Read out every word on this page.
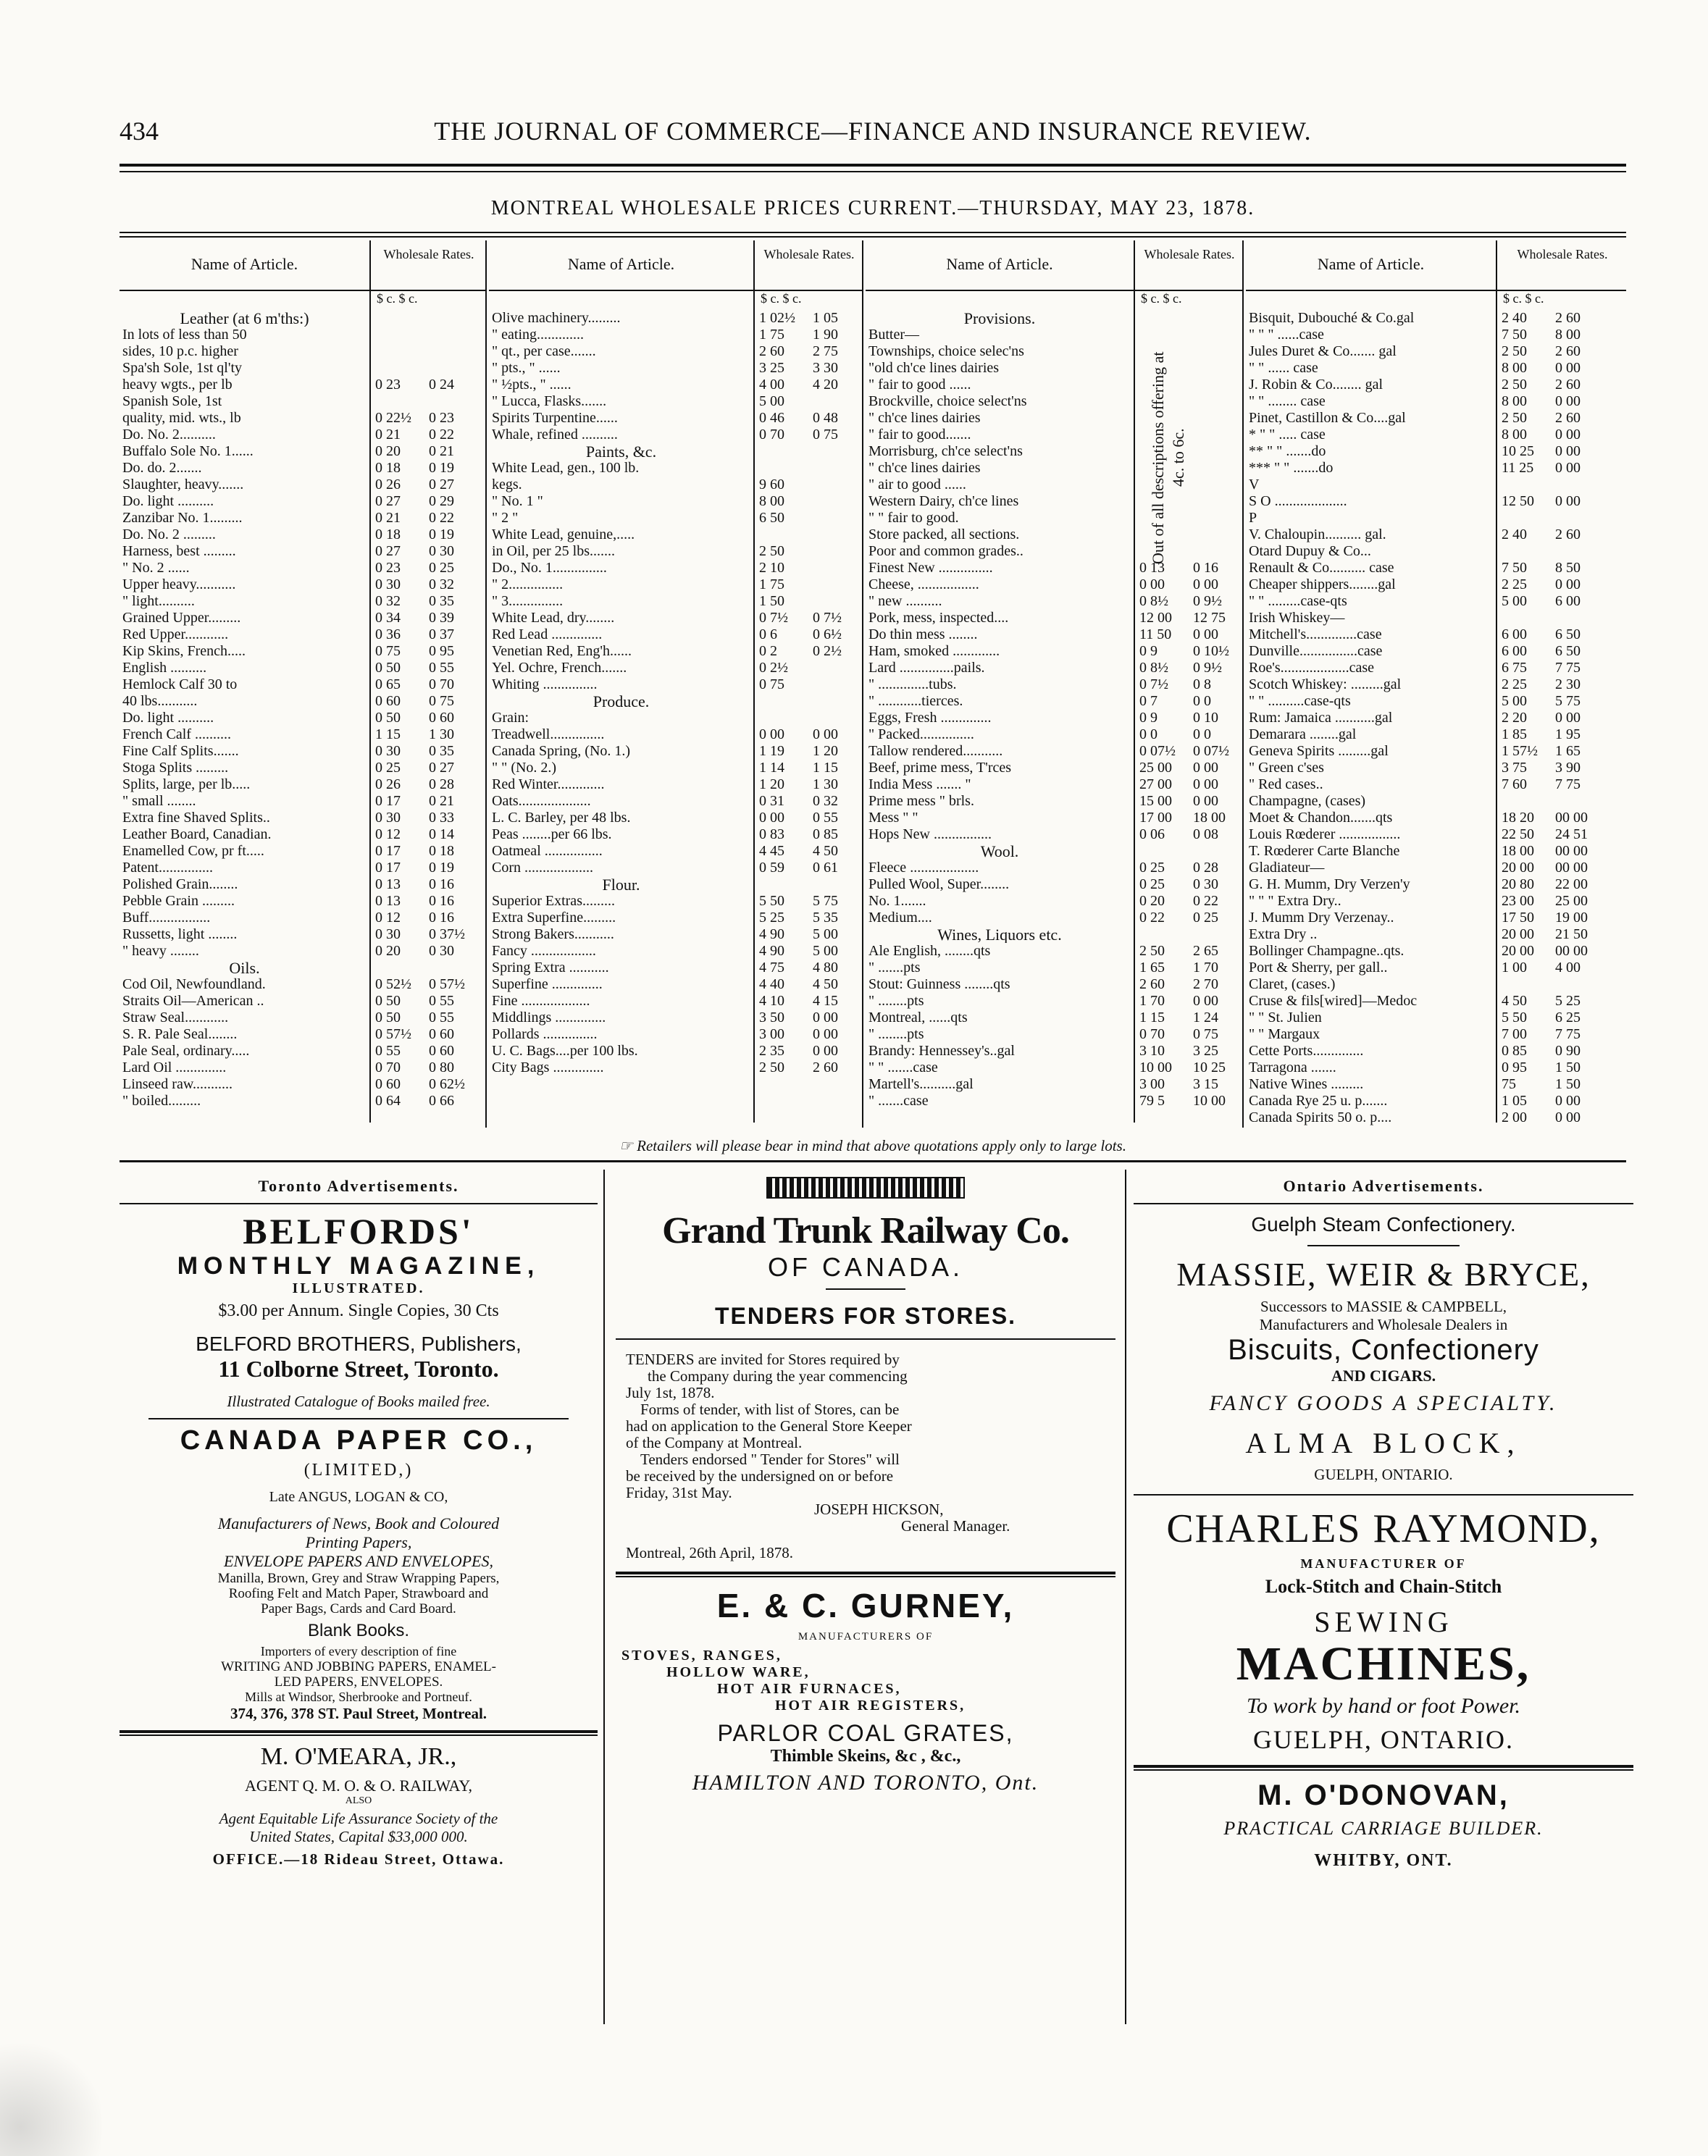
434	THE JOURNAL OF COMMERCE—FINANCE AND INSURANCE REVIEW.
MONTREAL WHOLESALE PRICES CURRENT.—THURSDAY, MAY 23, 1878.
Name of Article.
Wholesale Rates.
$ c. $ c.
Leather (at 6 m'ths:)
In lots of less than 50
sides, 10 p.c. higher
Spa'sh Sole, 1st ql'ty
heavy wgts., per lb	0 23 0 24
Spanish Sole, 1st
quality, mid. wts., lb	0 22½ 0 23
Do. No. 2..........	0 21 0 22
Buffalo Sole No. 1......	0 20 0 21
Do. do. 2.......	0 18 0 19
Slaughter, heavy.......	0 26 0 27
Do. light ..........	0 27 0 29
Zanzibar No. 1.........	0 21 0 22
Do. No. 2 .........	0 18 0 19
Harness, best .........	0 27 0 30
" No. 2 ......	0 23 0 25
Upper heavy...........	0 30 0 32
" light..........	0 32 0 35
Grained Upper.........	0 34 0 39
Red Upper............	0 36 0 37
Kip Skins, French.....	0 75 0 95
English ..........	0 50 0 55
Hemlock Calf 30 to	0 65 0 70
40 lbs...........	0 60 0 75
Do. light ..........	0 50 0 60
French Calf ..........	1 15 1 30
Fine Calf Splits.......	0 30 0 35
Stoga Splits .........	0 25 0 27
Splits, large, per lb.....	0 26 0 28
" small ........	0 17 0 21
Extra fine Shaved Splits..	0 30 0 33
Leather Board, Canadian.	0 12 0 14
Enamelled Cow, pr ft.....	0 17 0 18
Patent...............	0 17 0 19
Polished Grain........	0 13 0 16
Pebble Grain .........	0 13 0 16
Buff.................	0 12 0 16
Russetts, light ........	0 30 0 37½
" heavy ........	0 20 0 30
Oils.
Cod Oil, Newfoundland.	0 52½ 0 57½
Straits Oil—American ..	0 50 0 55
Straw Seal............	0 50 0 55
S. R. Pale Seal........	0 57½ 0 60
Pale Seal, ordinary.....	0 55 0 60
Lard Oil ..............	0 70 0 80
Linseed raw...........	0 60 0 62½
" boiled.........	0 64 0 66
Name of Article.
Wholesale Rates.
$ c. $ c.
Olive machinery.........	1 02½ 1 05
" eating.............	1 75 1 90
" qt., per case.......	2 60 2 75
" pts., " ......	3 25 3 30
" ½pts., " ......	4 00 4 20
" Lucca, Flasks.......	5 00
Spirits Turpentine......	0 46 0 48
Whale, refined ..........	0 70 0 75
Paints, &c.
White Lead, gen., 100 lb.
kegs.	9 60
" No. 1 "	8 00
" 2 "	6 50
White Lead, genuine,.....
in Oil, per 25 lbs.......	2 50
Do., No. 1...............	2 10
" 2...............	1 75
" 3...............	1 50
White Lead, dry........	0 7½ 0 7½
Red Lead ..............	0 6 0 6½
Venetian Red, Eng'h......	0 2 0 2½
Yel. Ochre, French.......	0 2½
Whiting ...............	0 75
Produce.
Grain:
Treadwell...............	0 00 0 00
Canada Spring, (No. 1.)	1 19 1 20
" " (No. 2.)	1 14 1 15
Red Winter.............	1 20 1 30
Oats....................	0 31 0 32
L. C. Barley, per 48 lbs.	0 00 0 55
Peas ........per 66 lbs.	0 83 0 85
Oatmeal ................	4 45 4 50
Corn ...................	0 59 0 61
Flour.
Superior Extras.........	5 50 5 75
Extra Superfine.........	5 25 5 35
Strong Bakers...........	4 90 5 00
Fancy ..................	4 90 5 00
Spring Extra ...........	4 75 4 80
Superfine ..............	4 40 4 50
Fine ...................	4 10 4 15
Middlings ..............	3 50 0 00
Pollards ...............	3 00 0 00
U. C. Bags....per 100 lbs.	2 35 0 00
City Bags ..............	2 50 2 60
Name of Article.
Wholesale Rates.
$ c. $ c.
Provisions.
Butter—
Townships, choice selec'ns
"old ch'ce lines dairies
" fair to good ......
Brockville, choice select'ns
" ch'ce lines dairies
" fair to good.......
Morrisburg, ch'ce select'ns
" ch'ce lines dairies
" air to good ......
Western Dairy, ch'ce lines
" " fair to good.
Store packed, all sections.
Poor and common grades..
Finest New ...............	0 13 0 16
Cheese, .................	0 00 0 00
" new ..........	0 8½ 0 9½
Pork, mess, inspected....	12 00 12 75
Do thin mess ........	11 50 0 00
Ham, smoked .............	0 9 0 10½
Lard ...............pails.	0 8½ 0 9½
" ..............tubs.	0 7½ 0 8
" ............tierces.	0 7 0 0
Eggs, Fresh ..............	0 9 0 10
" Packed...............	0 0 0 0
Tallow rendered...........	0 07½ 0 07½
Beef, prime mess, T'rces	25 00 0 00
India Mess ....... "	27 00 0 00
Prime mess " brls.	15 00 0 00
Mess " "	17 00 18 00
Hops New ................	0 06 0 08
Wool.
Fleece ...................	0 25 0 28
Pulled Wool, Super........	0 25 0 30
No. 1.......	0 20 0 22
Medium....	0 22 0 25
Wines, Liquors etc.
Ale English, ........qts	2 50 2 65
" .......pts	1 65 1 70
Stout: Guinness ........qts	2 60 2 70
" ........pts	1 70 0 00
Montreal, ......qts	1 15 1 24
" ........pts	0 70 0 75
Brandy: Hennessey's..gal	3 10 3 25
" " .......case	10 00 10 25
Martell's..........gal	3 00 3 15
" .......case	79 5 10 00
Out of all descriptions offering at 4c. to 6c.
Name of Article.
Wholesale Rates.
$ c. $ c.
Bisquit, Dubouché & Co.gal	2 40 2 60
" " " ......case	7 50 8 00
Jules Duret & Co....... gal	2 50 2 60
" " ...... case	8 00 0 00
J. Robin & Co........ gal	2 50 2 60
" " ........ case	8 00 0 00
Pinet, Castillon & Co....gal	2 50 2 60
* " " ..... case	8 00 0 00
** " " .......do	10 25 0 00
*** " " .......do	11 25 0 00
V
S O ....................	12 50 0 00
P
V. Chaloupin.......... gal.	2 40 2 60
Otard Dupuy & Co...
Renault & Co.......... case	7 50 8 50
Cheaper shippers........gal	2 25 0 00
" " .........case-qts	5 00 6 00
Irish Whiskey—
Mitchell's..............case	6 00 6 50
Dunville................case	6 00 6 50
Roe's...................case	6 75 7 75
Scotch Whiskey: .........gal	2 25 2 30
" " ..........case-qts	5 00 5 75
Rum: Jamaica ...........gal	2 20 0 00
Demarara ........gal	1 85 1 95
Geneva Spirits .........gal	1 57½ 1 65
" Green c'ses	3 75 3 90
" Red cases..	7 60 7 75
Champagne, (cases)
Moet & Chandon.......qts	18 20 00 00
Louis Rœderer .................	22 50 24 51
T. Rœderer Carte Blanche	18 00 00 00
Gladiateur—	20 00 00 00
G. H. Mumm, Dry Verzen'y	20 80 22 00
" " " Extra Dry..	23 00 25 00
J. Mumm Dry Verzenay..	17 50 19 00
Extra Dry ..	20 00 21 50
Bollinger Champagne..qts.	20 00 00 00
Port & Sherry, per gall..	1 00 4 00
Claret, (cases.)
Cruse & fils[wired]—Medoc	4 50 5 25
" " St. Julien	5 50 6 25
" " Margaux	7 00 7 75
Cette Ports..............	0 85 0 90
Tarragona .......	0 95 1 50
Native Wines .........	75	1 50
Canada Rye 25 u. p.......	1 05 0 00
Canada Spirits 50 o. p....	2 00 0 00
☞ Retailers will please bear in mind that above quotations apply only to large lots.
Toronto Advertisements.
BELFORDS'
MONTHLY MAGAZINE,
ILLUSTRATED.
$3.00 per Annum. Single Copies, 30 Cts
BELFORD BROTHERS, Publishers,
11 Colborne Street, Toronto.
Illustrated Catalogue of Books mailed free.
CANADA PAPER CO.,
(LIMITED,)
Late ANGUS, LOGAN & CO,
Manufacturers of News, Book and Coloured
Printing Papers,
ENVELOPE PAPERS AND ENVELOPES,
Manilla, Brown, Grey and Straw Wrapping Papers,
Roofing Felt and Match Paper, Strawboard and
Paper Bags, Cards and Card Board.
Blank Books.
Importers of every description of fine
WRITING AND JOBBING PAPERS, ENAMEL-
LED PAPERS, ENVELOPES.
Mills at Windsor, Sherbrooke and Portneuf.
374, 376, 378 ST. Paul Street, Montreal.
M. O'MEARA, JR.,
AGENT Q. M. O. & O. RAILWAY,
ALSO
Agent Equitable Life Assurance Society of the
United States, Capital $33,000 000.
OFFICE.—18 Rideau Street, Ottawa.
Grand Trunk Railway Co.
OF CANADA.
TENDERS FOR STORES.
TENDERS are invited for Stores required by
the Company during the year commencing
July 1st, 1878.
Forms of tender, with list of Stores, can be
had on application to the General Store Keeper
of the Company at Montreal.
Tenders endorsed " Tender for Stores" will
be received by the undersigned on or before
Friday, 31st May.
JOSEPH HICKSON,
General Manager.
Montreal, 26th April, 1878.
E. & C. GURNEY,
MANUFACTURERS OF
STOVES, RANGES,
HOLLOW WARE,
HOT AIR FURNACES,
HOT AIR REGISTERS,
PARLOR COAL GRATES,
Thimble Skeins, &c , &c.,
HAMILTON AND TORONTO, Ont.
Ontario Advertisements.
Guelph Steam Confectionery.
MASSIE, WEIR & BRYCE,
Successors to MASSIE & CAMPBELL,
Manufacturers and Wholesale Dealers in
Biscuits, Confectionery
AND CIGARS.
FANCY GOODS A SPECIALTY.
ALMA BLOCK,
GUELPH, ONTARIO.
CHARLES RAYMOND,
MANUFACTURER OF
Lock-Stitch and Chain-Stitch
SEWING
MACHINES,
To work by hand or foot Power.
GUELPH, ONTARIO.
M. O'DONOVAN,
PRACTICAL CARRIAGE BUILDER.
WHITBY, ONT.
